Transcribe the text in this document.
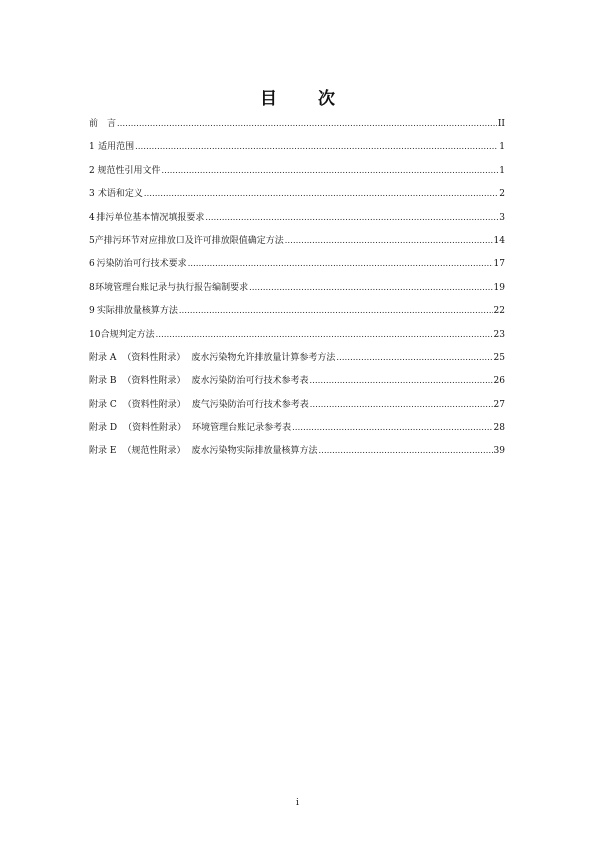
目　次
前　言 .....	II
1 适用范围 .....	1
2 规范性引用文件 .....	1
3 术语和定义 .....	2
4 排污单位基本情况填报要求 .....	3
5 产排污环节对应排放口及许可排放限值确定方法 .....	14
6 污染防治可行技术要求 .....	17
8 环境管理台账记录与执行报告编制要求 .....	19
9 实际排放量核算方法 .....	22
10 合规判定方法 .....	23
附录 A （资料性附录） 废水污染物允许排放量计算参考方法 .....	25
附录 B （资料性附录） 废水污染防治可行技术参考表 .....	26
附录 C （资料性附录） 废气污染防治可行技术参考表 .....	27
附录 D （资料性附录） 环境管理台账记录参考表 .....	28
附录 E （规范性附录） 废水污染物实际排放量核算方法 .....	39
i
